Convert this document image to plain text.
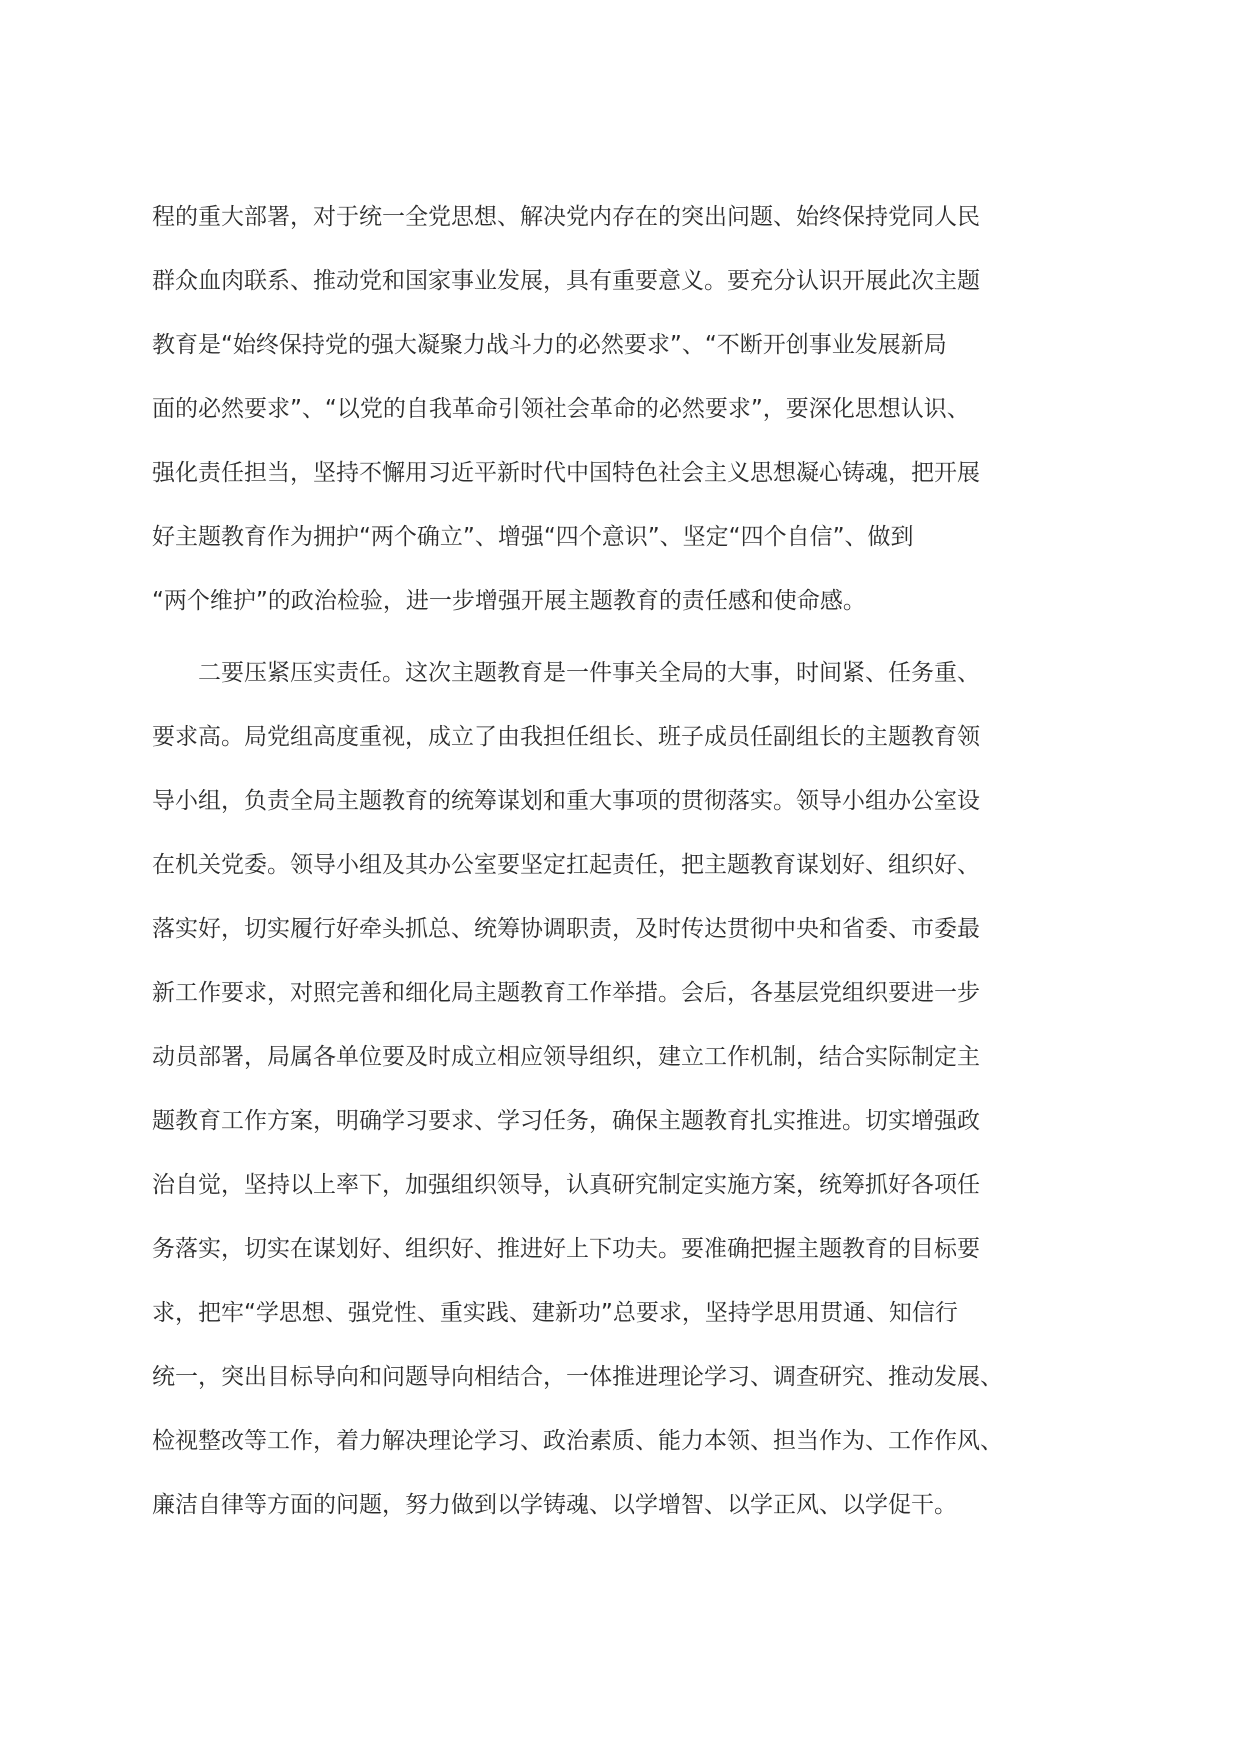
程的重大部署，对于统一全党思想、解决党内存在的突出问题、始终保持党同人民
群众血肉联系、推动党和国家事业发展，具有重要意义。要充分认识开展此次主题
教育是“始终保持党的强大凝聚力战斗力的必然要求”、“不断开创事业发展新局
面的必然要求”、“以党的自我革命引领社会革命的必然要求”，要深化思想认识、
强化责任担当，坚持不懈用习近平新时代中国特色社会主义思想凝心铸魂，把开展
好主题教育作为拥护“两个确立”、增强“四个意识”、坚定“四个自信”、做到
“两个维护”的政治检验，进一步增强开展主题教育的责任感和使命感。
二要压紧压实责任。这次主题教育是一件事关全局的大事，时间紧、任务重、
要求高。局党组高度重视，成立了由我担任组长、班子成员任副组长的主题教育领
导小组，负责全局主题教育的统筹谋划和重大事项的贯彻落实。领导小组办公室设
在机关党委。领导小组及其办公室要坚定扛起责任，把主题教育谋划好、组织好、
落实好，切实履行好牵头抓总、统筹协调职责，及时传达贯彻中央和省委、市委最
新工作要求，对照完善和细化局主题教育工作举措。会后，各基层党组织要进一步
动员部署，局属各单位要及时成立相应领导组织，建立工作机制，结合实际制定主
题教育工作方案，明确学习要求、学习任务，确保主题教育扎实推进。切实增强政
治自觉，坚持以上率下，加强组织领导，认真研究制定实施方案，统筹抓好各项任
务落实，切实在谋划好、组织好、推进好上下功夫。要准确把握主题教育的目标要
求，把牢“学思想、强党性、重实践、建新功”总要求，坚持学思用贯通、知信行
统一，突出目标导向和问题导向相结合，一体推进理论学习、调查研究、推动发展、
检视整改等工作，着力解决理论学习、政治素质、能力本领、担当作为、工作作风、
廉洁自律等方面的问题，努力做到以学铸魂、以学增智、以学正风、以学促干。
